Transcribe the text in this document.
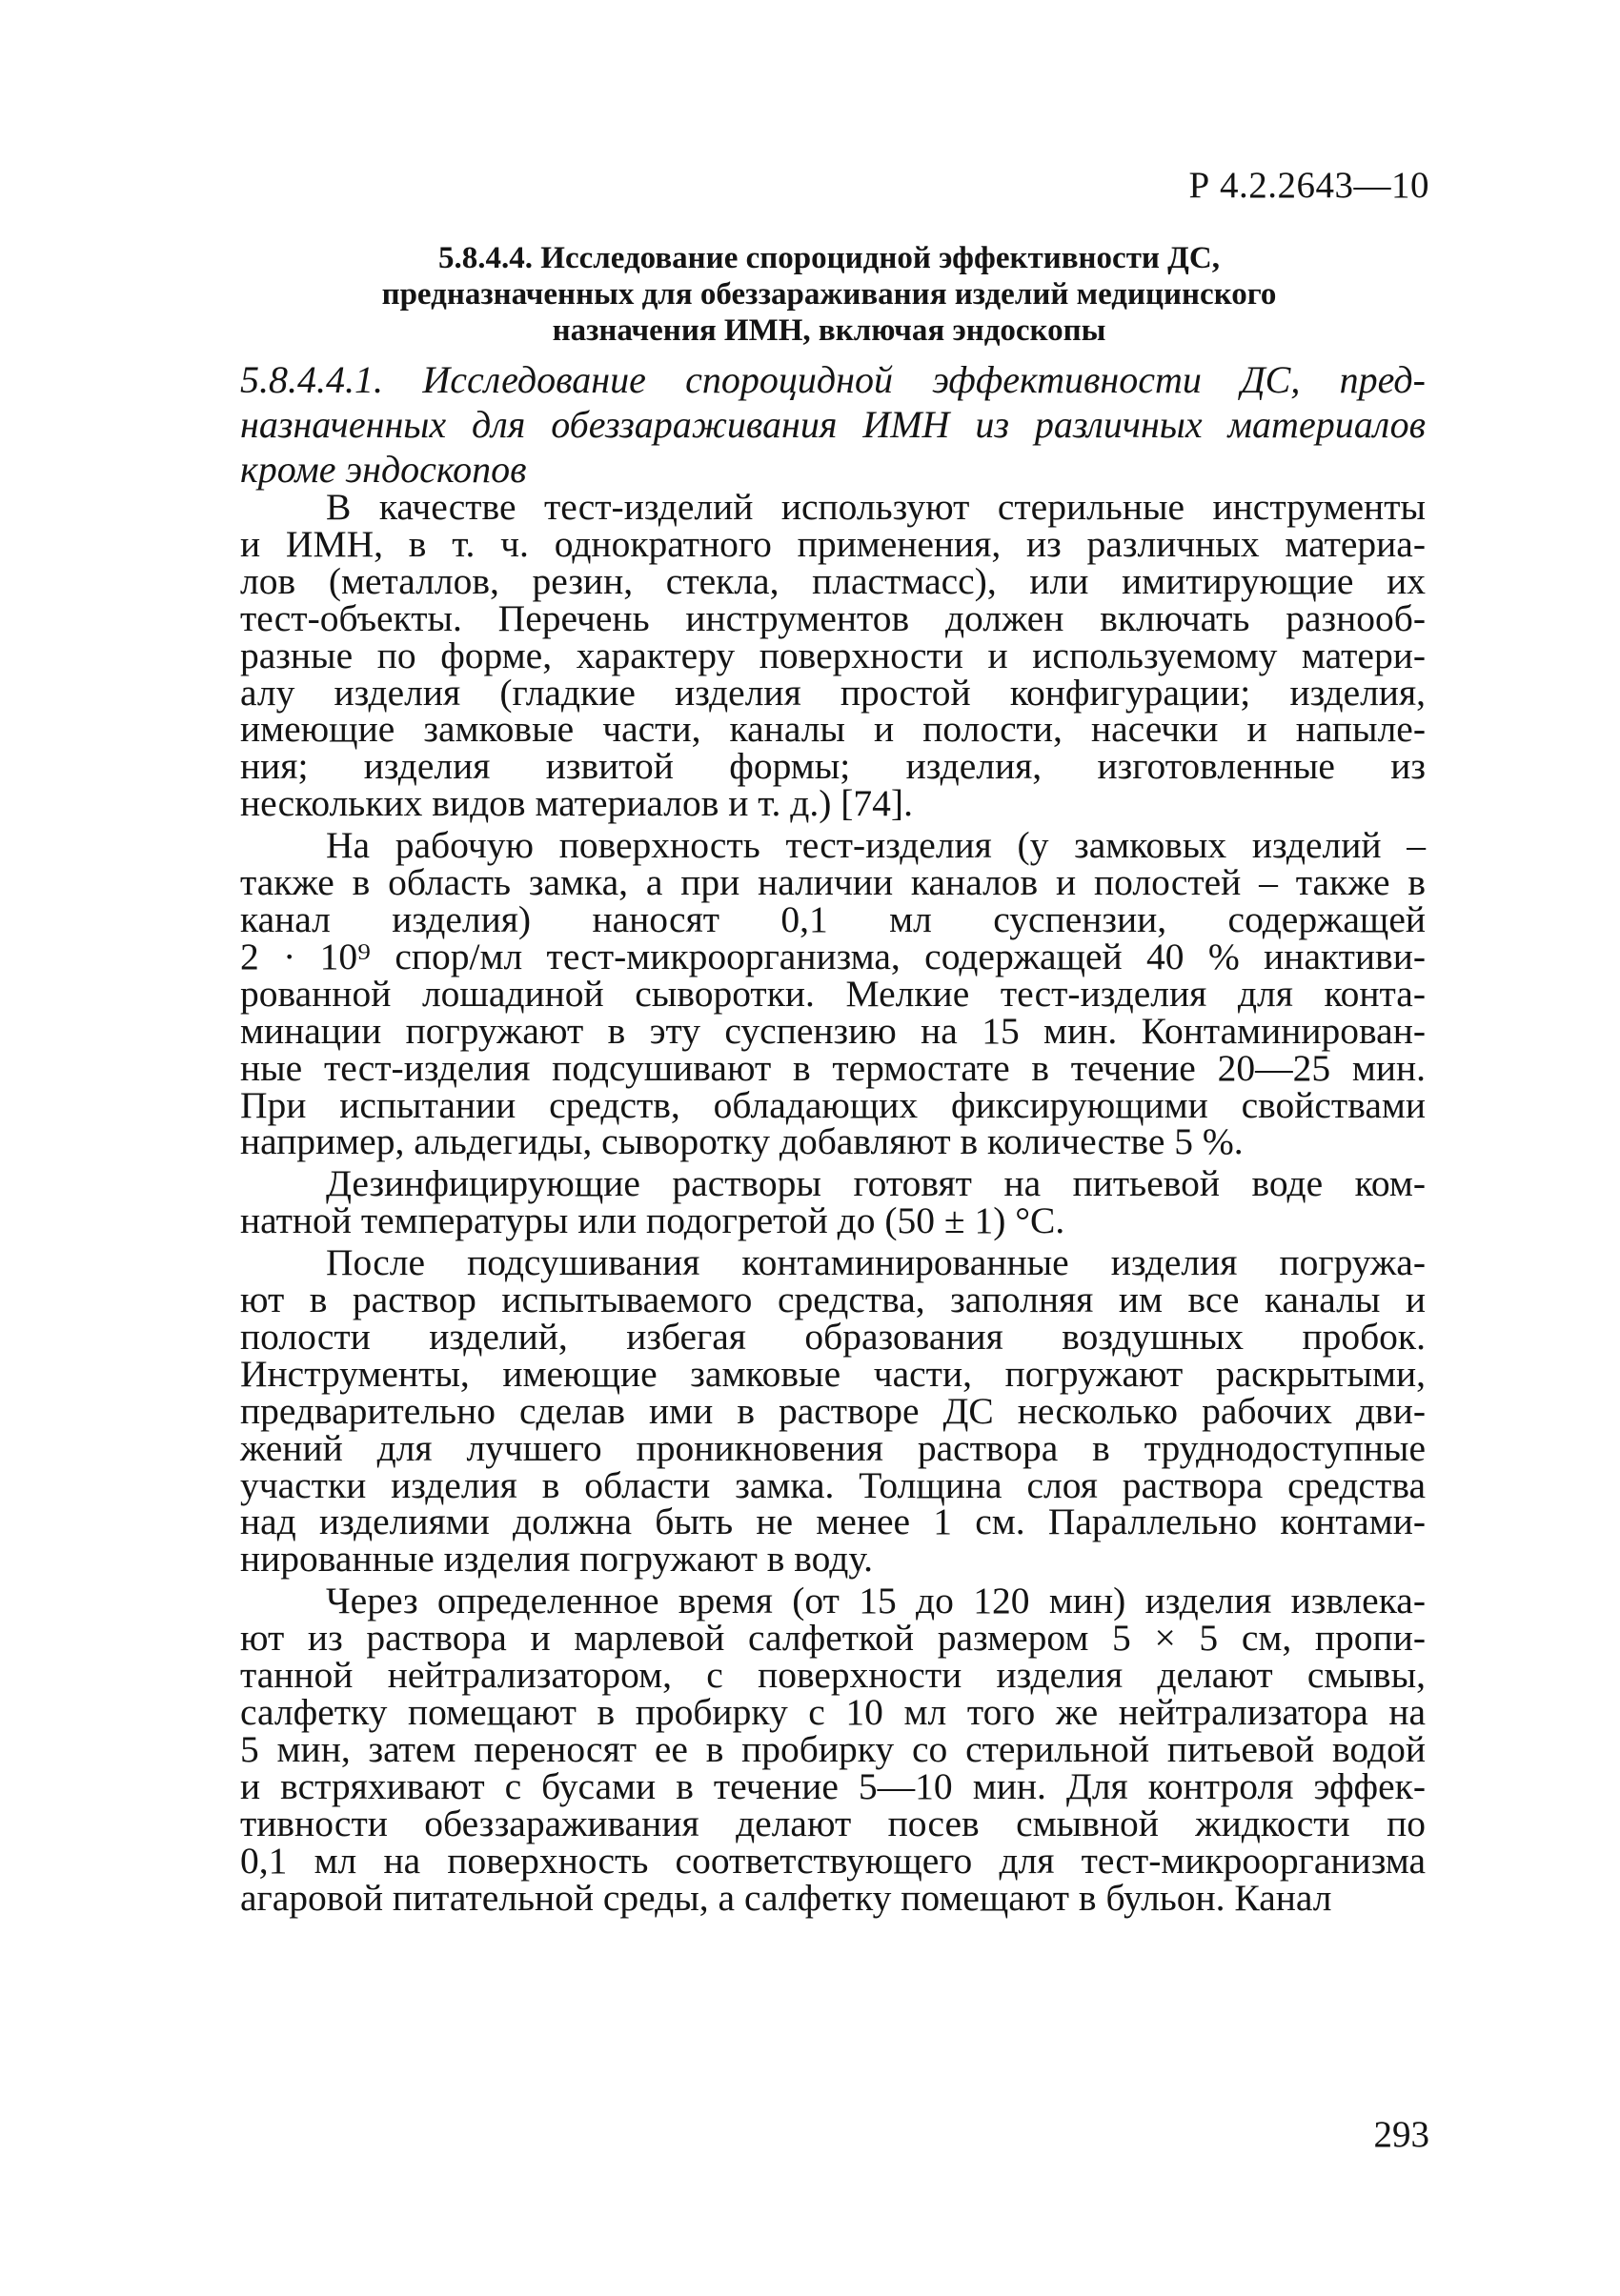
Р 4.2.2643—10
5.8.4.4. Исследование спороцидной эффективности ДС,
предназначенных для обеззараживания изделий медицинского
назначения ИМН, включая эндоскопы
5.8.4.4.1. Исследование спороцидной эффективности ДС, пред-
назначенных для обеззараживания ИМН из различных материалов
кроме эндоскопов
В качестве тест-изделий используют стерильные инструменты
и ИМН, в т. ч. однократного применения, из различных материа-
лов (металлов, резин, стекла, пластмасс), или имитирующие их
тест-объекты. Перечень инструментов должен включать разнооб-
разные по форме, характеру поверхности и используемому матери-
алу изделия (гладкие изделия простой конфигурации; изделия,
имеющие замковые части, каналы и полости, насечки и напыле-
ния; изделия извитой формы; изделия, изготовленные из
нескольких видов материалов и т. д.) [74].
На рабочую поверхность тест-изделия (у замковых изделий –
также в область замка, а при наличии каналов и полостей – также в
канал изделия) наносят 0,1 мл суспензии, содержащей
2 · 10⁹ спор/мл тест-микроорганизма, содержащей 40 % инактиви-
рованной лошадиной сыворотки. Мелкие тест-изделия для конта-
минации погружают в эту суспензию на 15 мин. Контаминирован-
ные тест-изделия подсушивают в термостате в течение 20—25 мин.
При испытании средств, обладающих фиксирующими свойствами
например, альдегиды, сыворотку добавляют в количестве 5 %.
Дезинфицирующие растворы готовят на питьевой воде ком-
натной температуры или подогретой до (50 ± 1) °С.
После подсушивания контаминированные изделия погружа-
ют в раствор испытываемого средства, заполняя им все каналы и
полости изделий, избегая образования воздушных пробок.
Инструменты, имеющие замковые части, погружают раскрытыми,
предварительно сделав ими в растворе ДС несколько рабочих дви-
жений для лучшего проникновения раствора в труднодоступные
участки изделия в области замка. Толщина слоя раствора средства
над изделиями должна быть не менее 1 см. Параллельно контами-
нированные изделия погружают в воду.
Через определенное время (от 15 до 120 мин) изделия извлека-
ют из раствора и марлевой салфеткой размером 5 × 5 см, пропи-
танной нейтрализатором, с поверхности изделия делают смывы,
салфетку помещают в пробирку с 10 мл того же нейтрализатора на
5 мин, затем переносят ее в пробирку со стерильной питьевой водой
и встряхивают с бусами в течение 5—10 мин. Для контроля эффек-
тивности обеззараживания делают посев смывной жидкости по
0,1 мл на поверхность соответствующего для тест-микроорганизма
агаровой питательной среды, а салфетку помещают в бульон. Канал
293
